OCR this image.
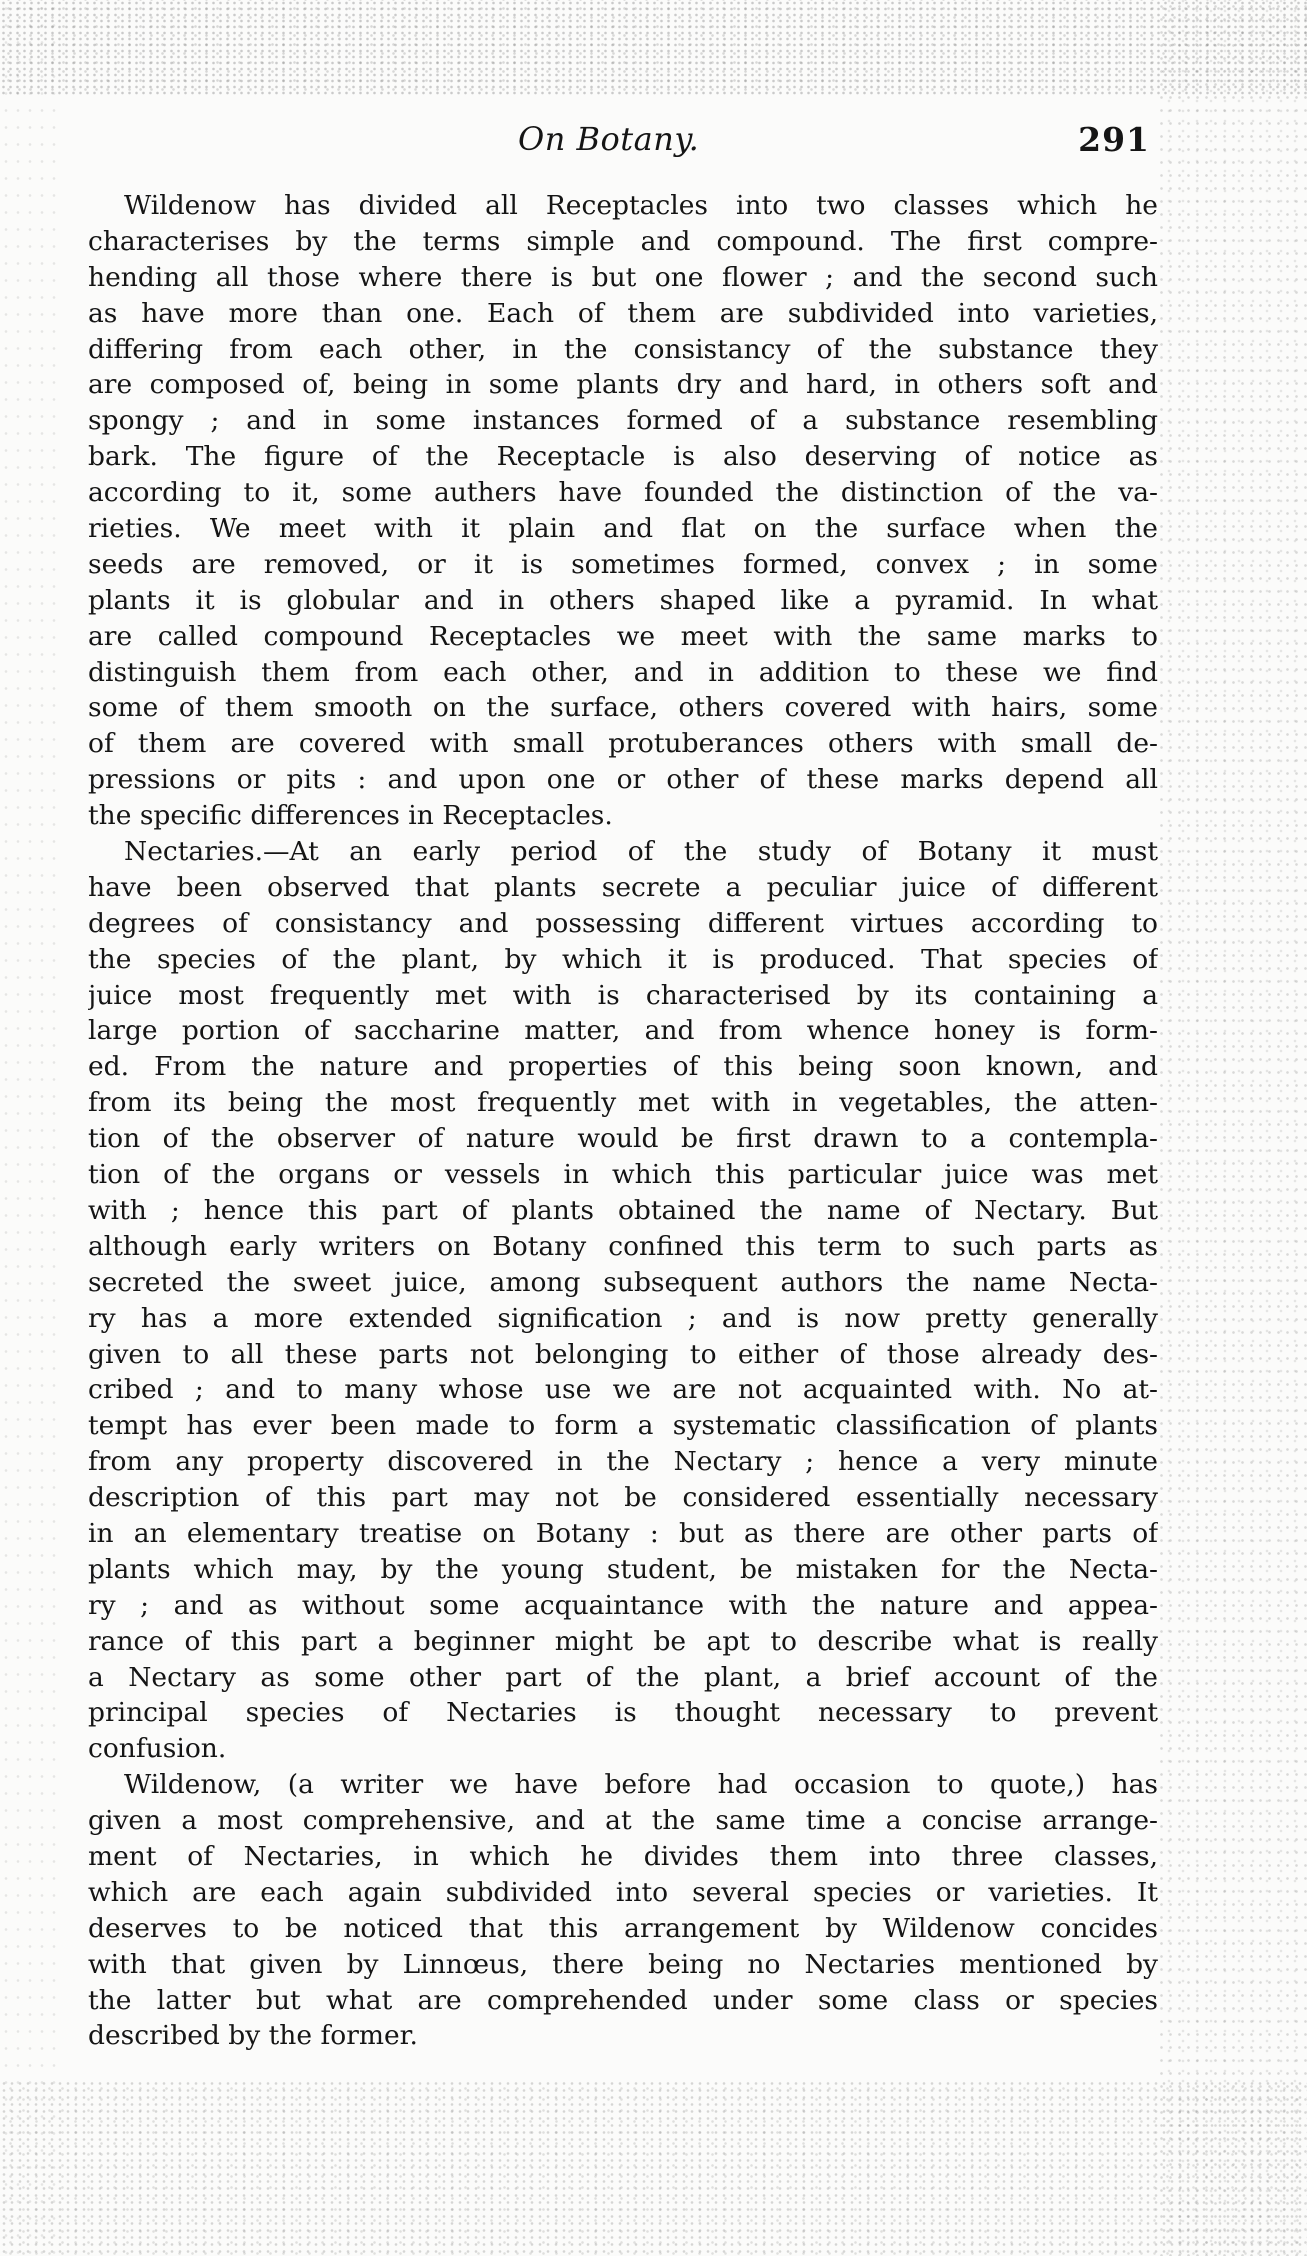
On Botany.	291
Wildenow has divided all Receptacles into two classes which he
characterises by the terms simple and compound. The first compre-
hending all those where there is but one flower ; and the second such
as have more than one. Each of them are subdivided into varieties,
differing from each other, in the consistancy of the substance they
are composed of, being in some plants dry and hard, in others soft and
spongy ; and in some instances formed of a substance resembling
bark. The figure of the Receptacle is also deserving of notice as
according to it, some authers have founded the distinction of the va-
rieties. We meet with it plain and flat on the surface when the
seeds are removed, or it is sometimes formed, convex ; in some
plants it is globular and in others shaped like a pyramid. In what
are called compound Receptacles we meet with the same marks to
distinguish them from each other, and in addition to these we find
some of them smooth on the surface, others covered with hairs, some
of them are covered with small protuberances others with small de-
pressions or pits : and upon one or other of these marks depend all
the specific differences in Receptacles.
Nectaries.—At an early period of the study of Botany it must
have been observed that plants secrete a peculiar juice of different
degrees of consistancy and possessing different virtues according to
the species of the plant, by which it is produced. That species of
juice most frequently met with is characterised by its containing a
large portion of saccharine matter, and from whence honey is form-
ed. From the nature and properties of this being soon known, and
from its being the most frequently met with in vegetables, the atten-
tion of the observer of nature would be first drawn to a contempla-
tion of the organs or vessels in which this particular juice was met
with ; hence this part of plants obtained the name of Nectary. But
although early writers on Botany confined this term to such parts as
secreted the sweet juice, among subsequent authors the name Necta-
ry has a more extended signification ; and is now pretty generally
given to all these parts not belonging to either of those already des-
cribed ; and to many whose use we are not acquainted with. No at-
tempt has ever been made to form a systematic classification of plants
from any property discovered in the Nectary ; hence a very minute
description of this part may not be considered essentially necessary
in an elementary treatise on Botany : but as there are other parts of
plants which may, by the young student, be mistaken for the Necta-
ry ; and as without some acquaintance with the nature and appea-
rance of this part a beginner might be apt to describe what is really
a Nectary as some other part of the plant, a brief account of the
principal species of Nectaries is thought necessary to prevent
confusion.
Wildenow, (a writer we have before had occasion to quote,) has
given a most comprehensive, and at the same time a concise arrange-
ment of Nectaries, in which he divides them into three classes,
which are each again subdivided into several species or varieties. It
deserves to be noticed that this arrangement by Wildenow concides
with that given by Linnœus, there being no Nectaries mentioned by
the latter but what are comprehended under some class or species
described by the former.
